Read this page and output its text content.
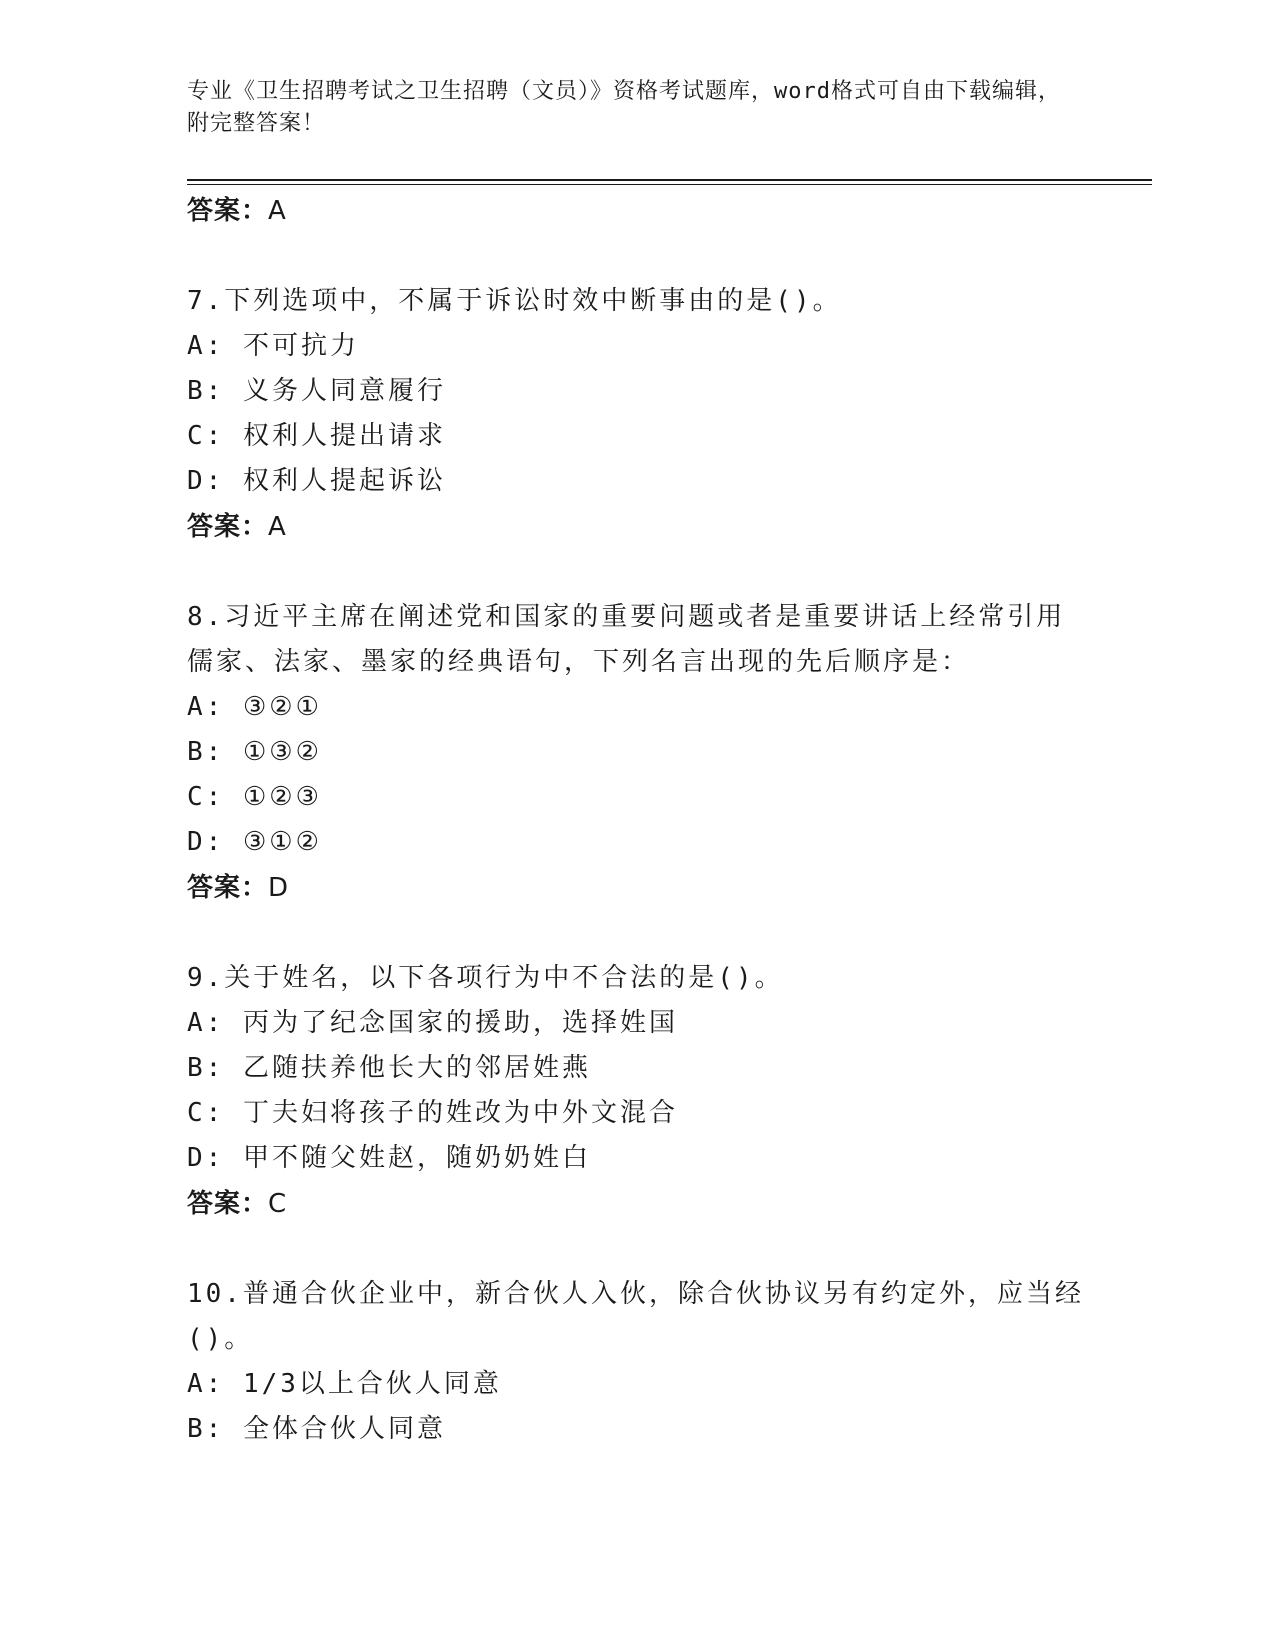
专业《卫生招聘考试之卫生招聘（文员）》资格考试题库，word格式可自由下载编辑，附完整答案！
答案：A
7.下列选项中，不属于诉讼时效中断事由的是()。
A: 不可抗力
B: 义务人同意履行
C: 权利人提出请求
D: 权利人提起诉讼
答案：A
8.习近平主席在阐述党和国家的重要问题或者是重要讲话上经常引用儒家、法家、墨家的经典语句，下列名言出现的先后顺序是：
A: ③②①
B: ①③②
C: ①②③
D: ③①②
答案：D
9.关于姓名，以下各项行为中不合法的是()。
A: 丙为了纪念国家的援助，选择姓国
B: 乙随扶养他长大的邻居姓燕
C: 丁夫妇将孩子的姓改为中外文混合
D: 甲不随父姓赵，随奶奶姓白
答案：C
10.普通合伙企业中，新合伙人入伙，除合伙协议另有约定外，应当经()。
A: 1/3以上合伙人同意
B: 全体合伙人同意
